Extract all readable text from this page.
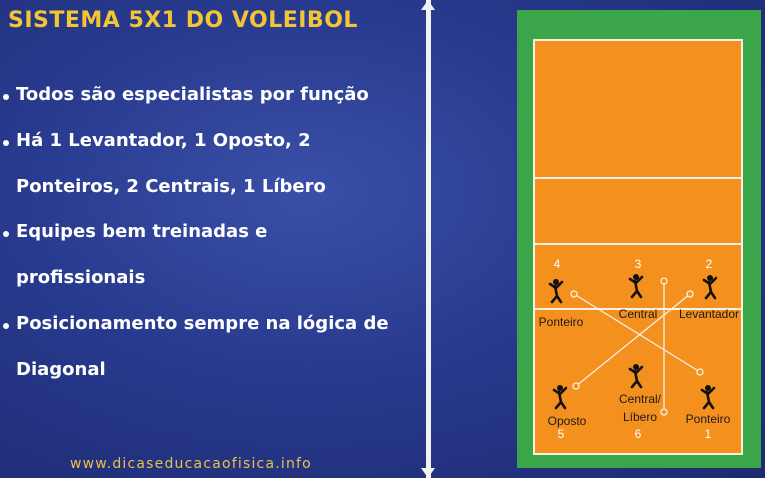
SISTEMA 5X1 DO VOLEIBOL
Todos são especialistas por função
Há 1 Levantador, 1 Oposto, 2
Ponteiros, 2 Centrais, 1 Líbero
Equipes bem treinadas e
profissionais
Posicionamento sempre na lógica de
Diagonal
www.dicaseducacaofisica.info
4
Ponteiro
3
Central
2
Levantador
Oposto
5
Central/
Líbero
6
Ponteiro
1
